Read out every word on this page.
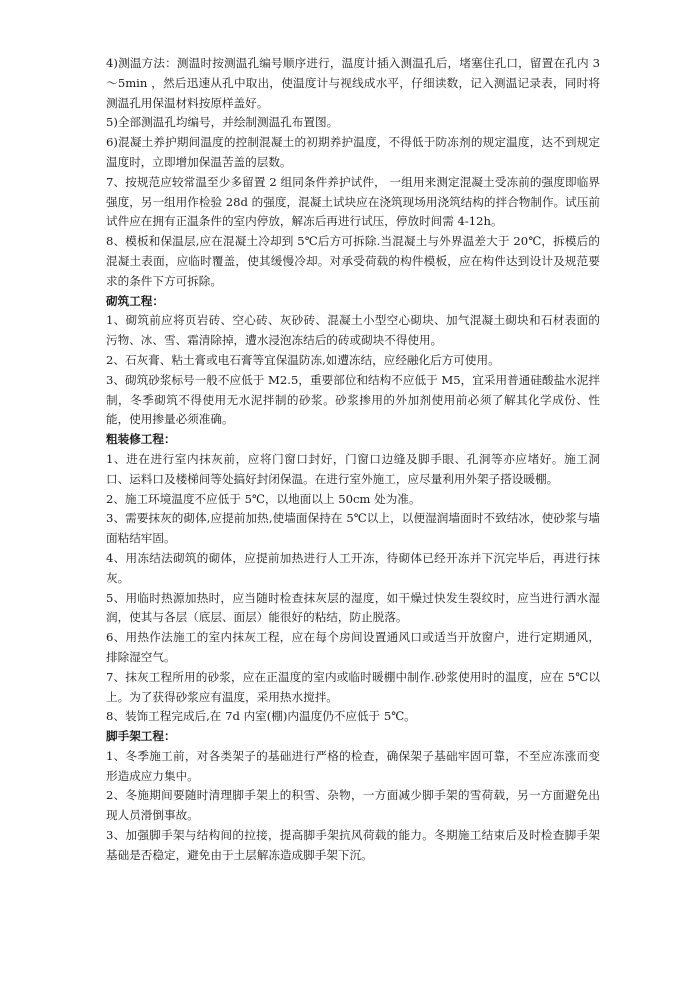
4)测温方法：测温时按测温孔编号顺序进行，温度计插入测温孔后，堵塞住孔口，留置在孔内 3～5min ，然后迅速从孔中取出，使温度计与视线成水平，仔细读数，记入测温记录表，同时将测温孔用保温材料按原样盖好。

5)全部测温孔均编号，并绘制测温孔布置图。

6)混凝土养护期间温度的控制混凝土的初期养护温度，不得低于防冻剂的规定温度，达不到规定温度时，立即增加保温苦盖的层数。

7、按规范应较常温至少多留置 2 组同条件养护试件， 一组用来测定混凝土受冻前的强度即临界强度，另一组用作检验 28d 的强度，混凝土试块应在浇筑现场用浇筑结构的拌合物制作。试压前试件应在拥有正温条件的室内停放，解冻后再进行试压，停放时间需 4-12h。

8、模板和保温层,应在混凝土冷却到 5℃后方可拆除.当混凝土与外界温差大于 20℃，拆模后的混凝土表面，应临时覆盖，使其缓慢冷却。对承受荷载的构件模板，应在构件达到设计及规范要求的条件下方可拆除。

砌筑工程：

1、砌筑前应将页岩砖、空心砖、灰砂砖、混凝土小型空心砌块、加气混凝土砌块和石材表面的污物、冰、雪、霜清除掉，遭水浸泡冻结后的砖或砌块不得使用。

2、石灰膏、粘土膏或电石膏等宜保温防冻,如遭冻结，应经融化后方可使用。

3、砌筑砂浆标号一般不应低于 M2.5，重要部位和结构不应低于 M5，宜采用普通硅酸盐水泥拌制，冬季砌筑不得使用无水泥拌制的砂浆。砂浆掺用的外加剂使用前必须了解其化学成份、性能，使用掺量必须准确。

粗装修工程：

1、进在进行室内抹灰前，应将门窗口封好，门窗口边缝及脚手眼、孔洞等亦应堵好。施工洞口、运料口及楼梯间等处搞好封闭保温。在进行室外施工，应尽量利用外架子搭设暖棚。

2、施工环境温度不应低于 5℃，以地面以上 50cm 处为准。

3、需要抹灰的砌体,应提前加热,使墙面保持在 5℃以上，以便湿润墙面时不致结冰，使砂浆与墙面粘结牢固。

4、用冻结法砌筑的砌体，应提前加热进行人工开冻，待砌体已经开冻并下沉完毕后，再进行抹灰。

5、用临时热源加热时，应当随时检查抹灰层的湿度，如干燥过快发生裂纹时，应当进行洒水湿润，使其与各层（底层、面层）能很好的粘结，防止脱落。

6、用热作法施工的室内抹灰工程，应在每个房间设置通风口或适当开放窗户，进行定期通风，排除湿空气。

7、抹灰工程所用的砂浆，应在正温度的室内或临时暖棚中制作.砂浆使用时的温度，应在 5℃以上。为了获得砂浆应有温度，采用热水搅拌。

8、装饰工程完成后,在 7d 内室(棚)内温度仍不应低于 5℃。

脚手架工程：

1、冬季施工前，对各类架子的基础进行严格的检查，确保架子基础牢固可靠，不至应冻涨而变形造成应力集中。

2、冬施期间要随时清理脚手架上的积雪、杂物，一方面减少脚手架的雪荷载，另一方面避免出现人员滑倒事故。

3、加强脚手架与结构间的拉接，提高脚手架抗风荷载的能力。冬期施工结束后及时检查脚手架基础是否稳定，避免由于土层解冻造成脚手架下沉。
